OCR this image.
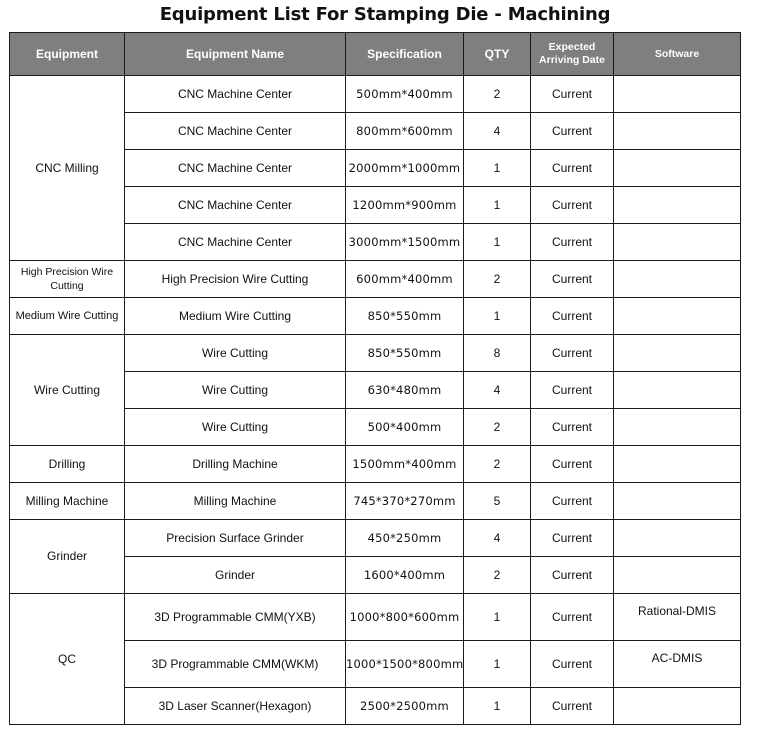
Equipment List For Stamping Die - Machining
Equipment	Equipment Name	Specification	QTY	Expected
Arriving Date	Software
CNC Milling	CNC Machine Center	500mm*400mm	2	Current	
	CNC Machine Center	800mm*600mm	4	Current	
	CNC Machine Center	2000mm*1000mm	1	Current	
	CNC Machine Center	1200mm*900mm	1	Current	
	CNC Machine Center	3000mm*1500mm	1	Current	
High Precision Wire
Cutting	High Precision Wire Cutting	600mm*400mm	2	Current	
Medium Wire Cutting	Medium Wire Cutting	850*550mm	1	Current	
Wire Cutting	Wire Cutting	850*550mm	8	Current	
	Wire Cutting	630*480mm	4	Current	
	Wire Cutting	500*400mm	2	Current	
Drilling	Drilling Machine	1500mm*400mm	2	Current	
Milling Machine	Milling Machine	745*370*270mm	5	Current	
Grinder	Precision Surface Grinder	450*250mm	4	Current	
	Grinder	1600*400mm	2	Current	
QC	3D Programmable CMM(YXB)	1000*800*600mm	1	Current	Rational-DMIS
	3D Programmable CMM(WKM)	1000*1500*800mm	1	Current	AC-DMIS
	3D Laser Scanner(Hexagon)	2500*2500mm	1	Current	
